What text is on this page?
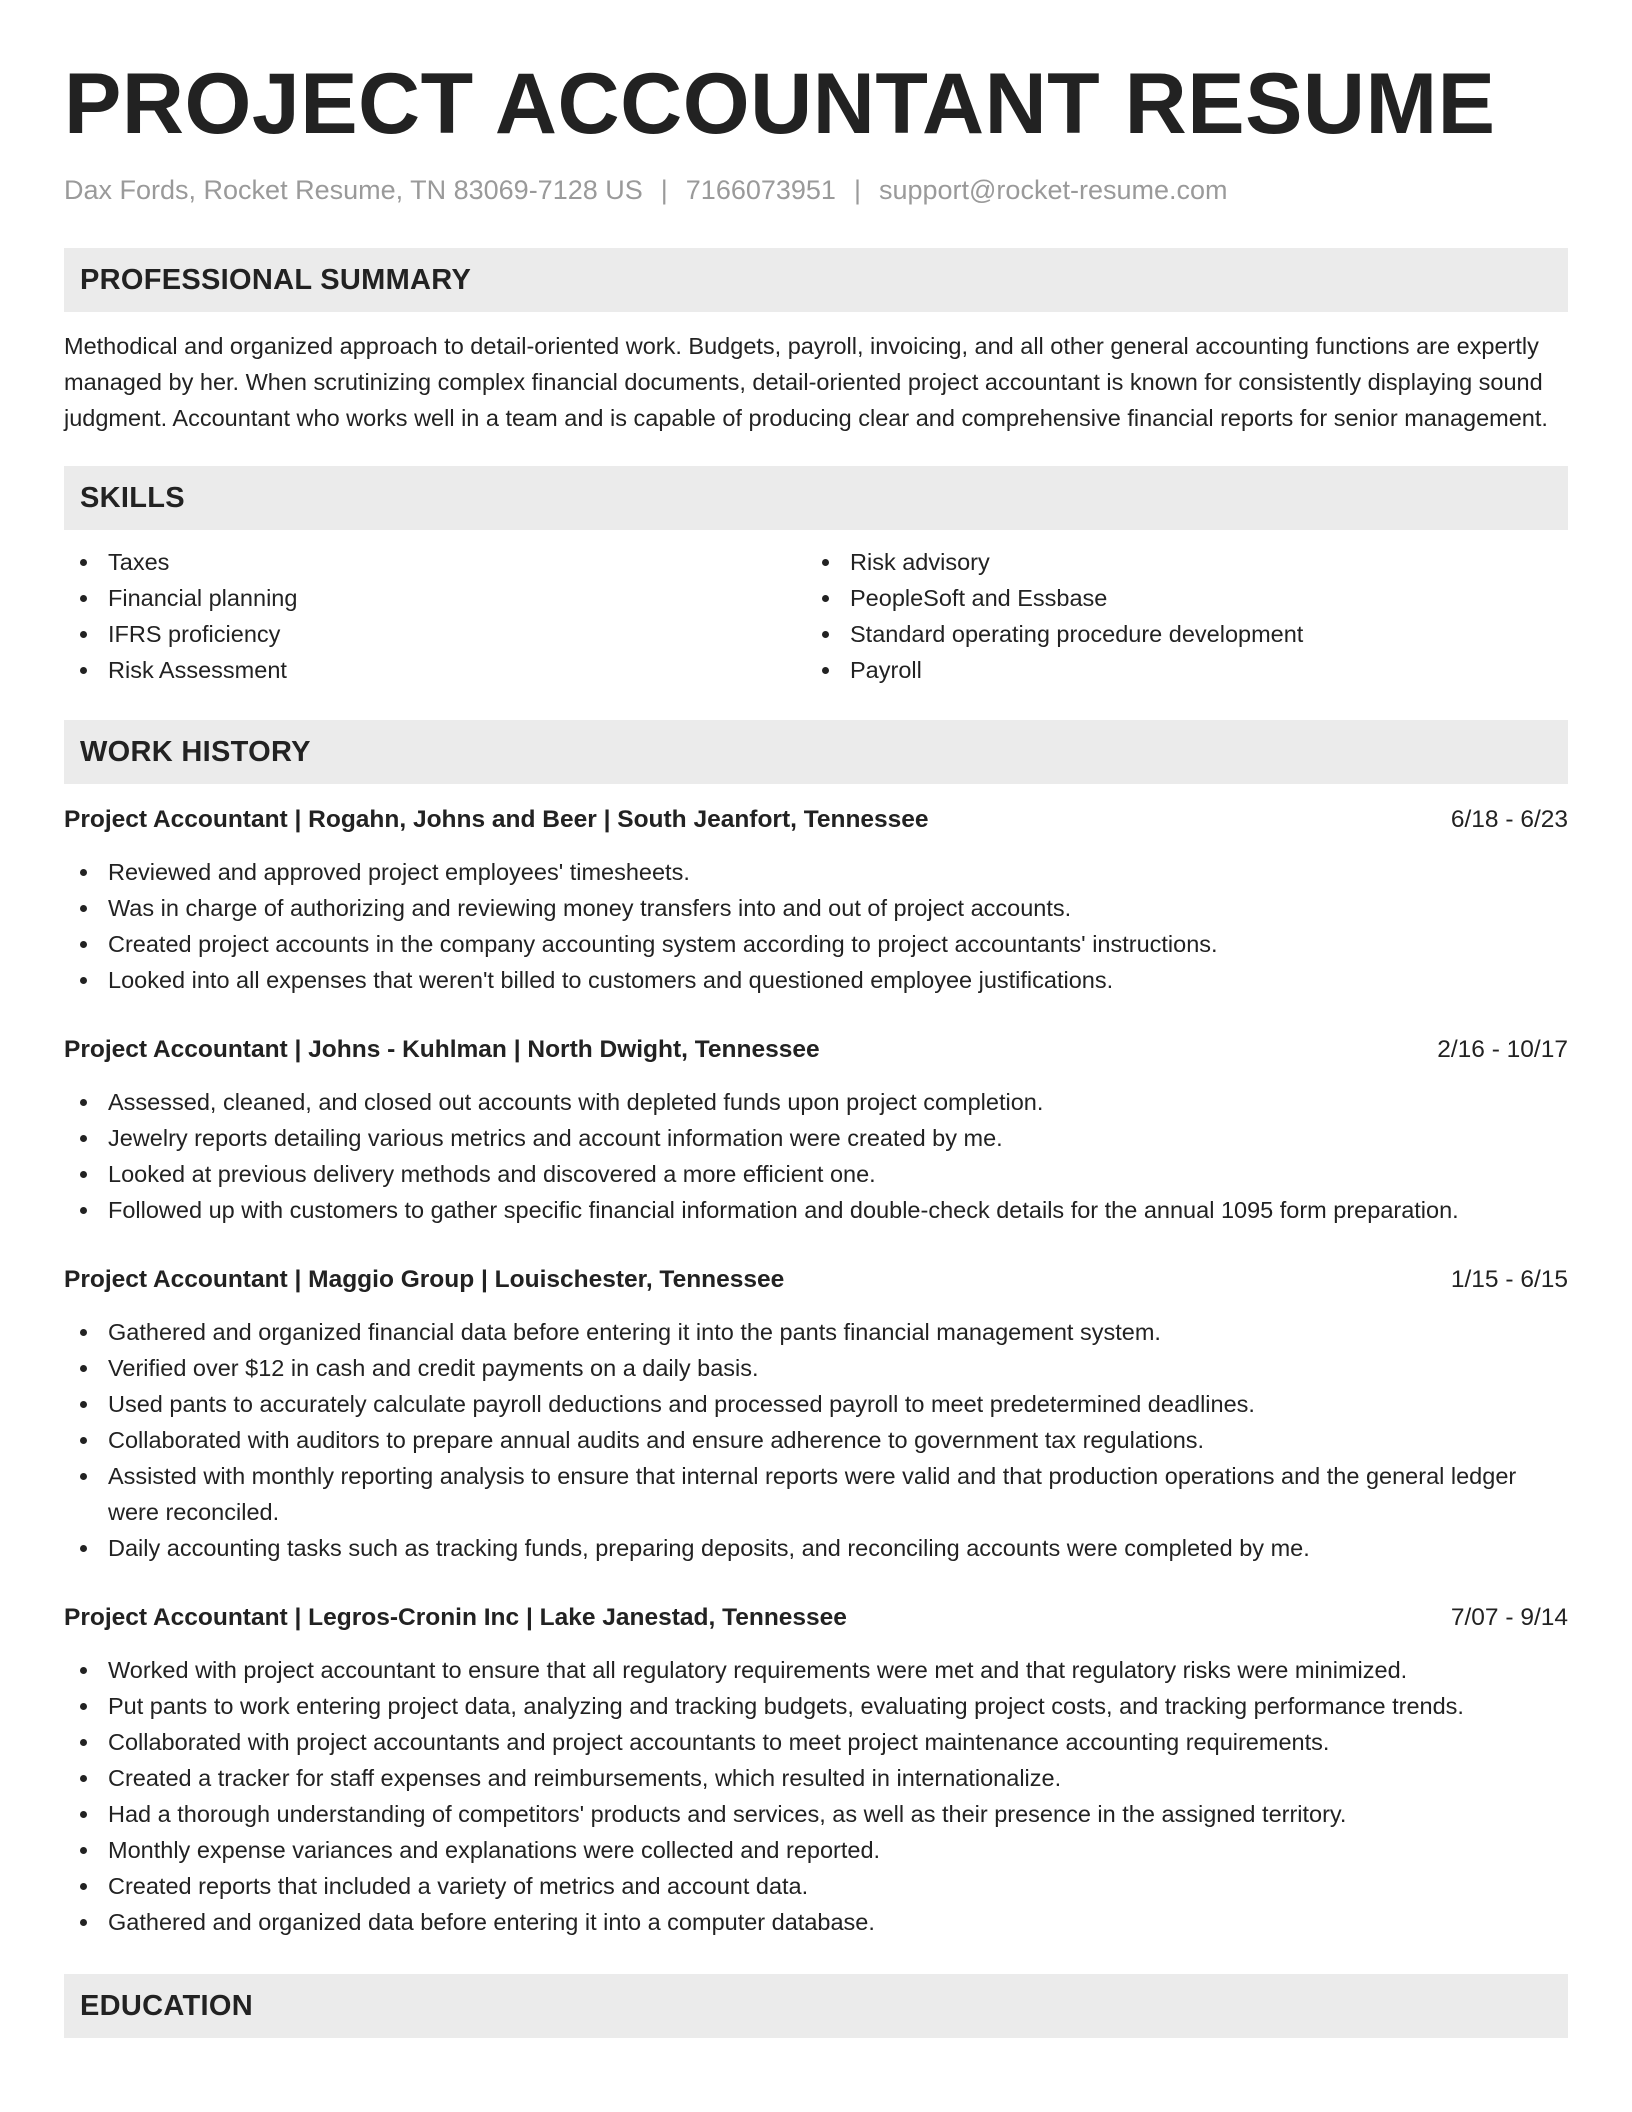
PROJECT ACCOUNTANT RESUME
Dax Fords, Rocket Resume, TN 83069-7128 US | 7166073951 | support@rocket-resume.com
PROFESSIONAL SUMMARY

Methodical and organized approach to detail-oriented work. Budgets, payroll, invoicing, and all other general accounting functions are expertly managed by her. When scrutinizing complex financial documents, detail-oriented project accountant is known for consistently displaying sound judgment. Accountant who works well in a team and is capable of producing clear and comprehensive financial reports for senior management.

SKILLS
Taxes
Financial planning
IFRS proficiency
Risk Assessment
Risk advisory
PeopleSoft and Essbase
Standard operating procedure development
Payroll
WORK HISTORY
Project Accountant | Rogahn, Johns and Beer | South Jeanfort, Tennessee	6/18 - 6/23
Reviewed and approved project employees' timesheets.
Was in charge of authorizing and reviewing money transfers into and out of project accounts.
Created project accounts in the company accounting system according to project accountants' instructions.
Looked into all expenses that weren't billed to customers and questioned employee justifications.
Project Accountant | Johns - Kuhlman | North Dwight, Tennessee	2/16 - 10/17
Assessed, cleaned, and closed out accounts with depleted funds upon project completion.
Jewelry reports detailing various metrics and account information were created by me.
Looked at previous delivery methods and discovered a more efficient one.
Followed up with customers to gather specific financial information and double-check details for the annual 1095 form preparation.
Project Accountant | Maggio Group | Louischester, Tennessee	1/15 - 6/15
Gathered and organized financial data before entering it into the pants financial management system.
Verified over $12 in cash and credit payments on a daily basis.
Used pants to accurately calculate payroll deductions and processed payroll to meet predetermined deadlines.
Collaborated with auditors to prepare annual audits and ensure adherence to government tax regulations.
Assisted with monthly reporting analysis to ensure that internal reports were valid and that production operations and the general ledger were reconciled.
Daily accounting tasks such as tracking funds, preparing deposits, and reconciling accounts were completed by me.
Project Accountant | Legros-Cronin Inc | Lake Janestad, Tennessee	7/07 - 9/14
Worked with project accountant to ensure that all regulatory requirements were met and that regulatory risks were minimized.
Put pants to work entering project data, analyzing and tracking budgets, evaluating project costs, and tracking performance trends.
Collaborated with project accountants and project accountants to meet project maintenance accounting requirements.
Created a tracker for staff expenses and reimbursements, which resulted in internationalize.
Had a thorough understanding of competitors' products and services, as well as their presence in the assigned territory.
Monthly expense variances and explanations were collected and reported.
Created reports that included a variety of metrics and account data.
Gathered and organized data before entering it into a computer database.
EDUCATION
